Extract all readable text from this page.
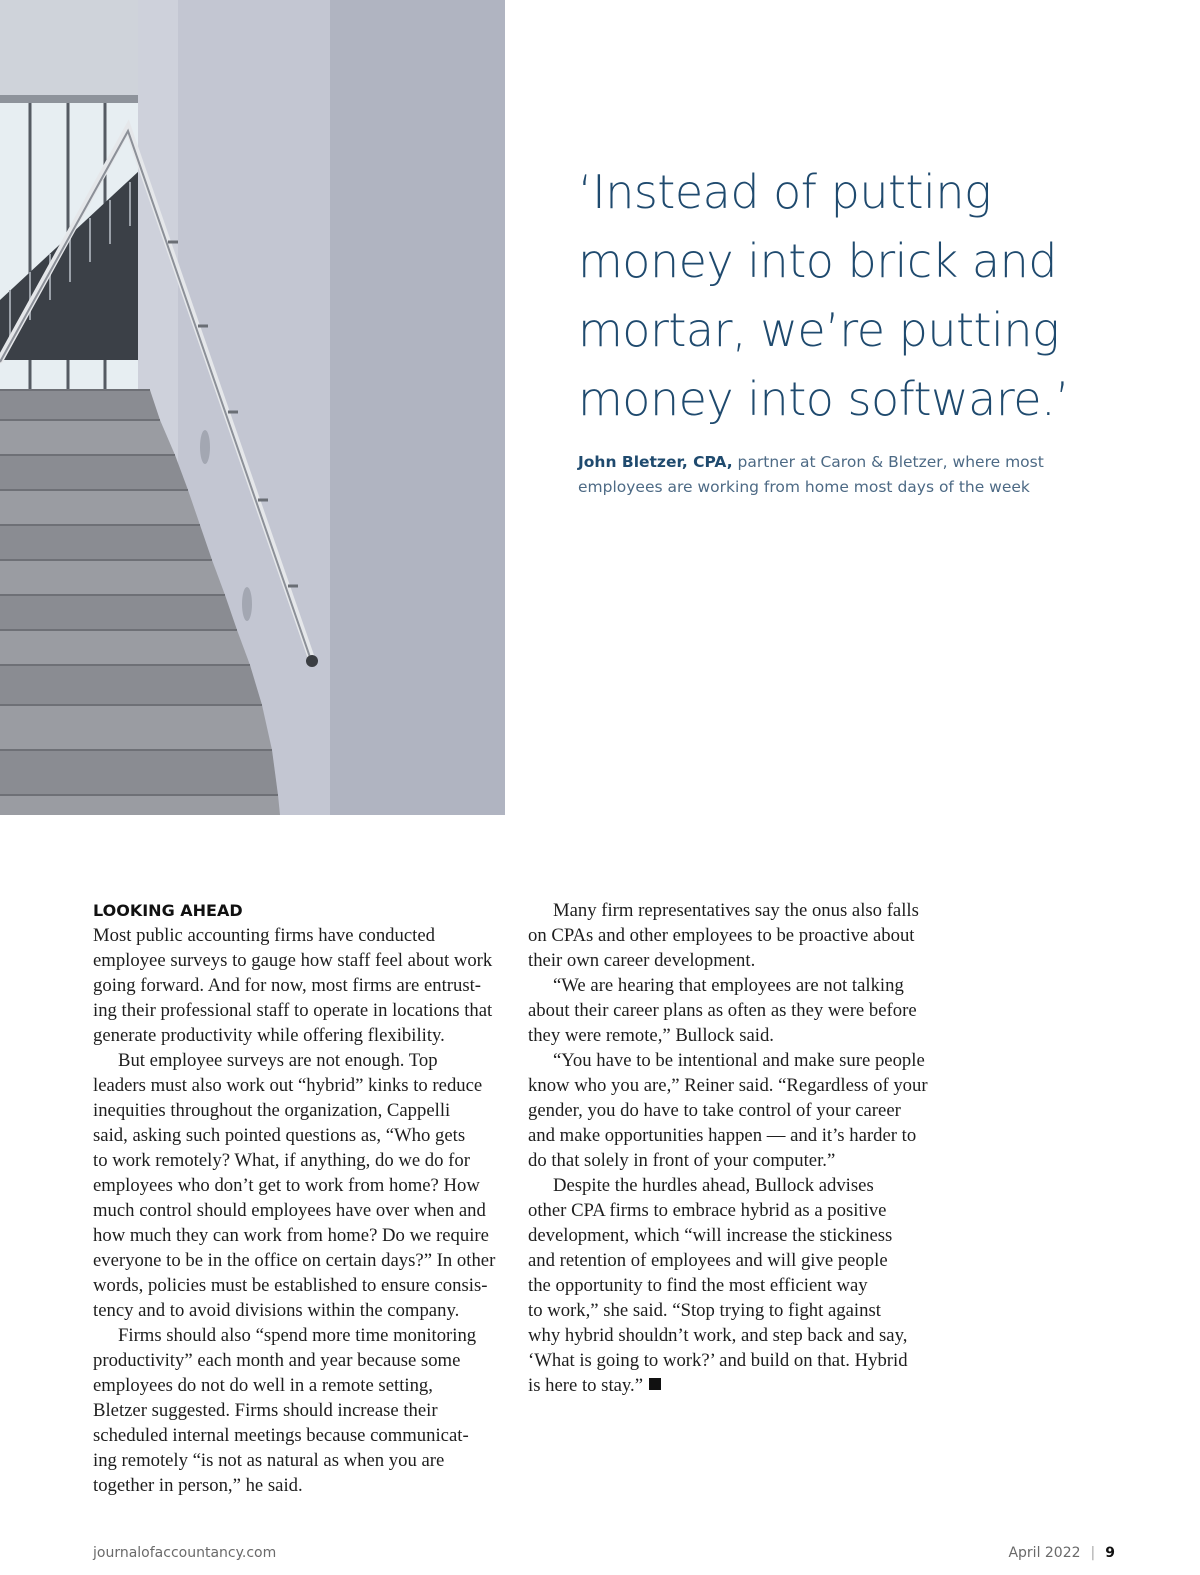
‘Instead of putting
money into brick and
mortar, we’re putting
money into software.’
John Bletzer, CPA, partner at Caron & Bletzer, where most
employees are working from home most days of the week
LOOKING AHEAD
Most public accounting firms have conducted
employee surveys to gauge how staff feel about work
going forward. And for now, most firms are entrust-
ing their professional staff to operate in locations that
generate productivity while offering flexibility.
But employee surveys are not enough. Top
leaders must also work out “hybrid” kinks to reduce
inequities throughout the organization, Cappelli
said, asking such pointed questions as, “Who gets
to work remotely? What, if anything, do we do for
employees who don’t get to work from home? How
much control should employees have over when and
how much they can work from home? Do we require
everyone to be in the office on certain days?” In other
words, policies must be established to ensure consis-
tency and to avoid divisions within the company.
Firms should also “spend more time monitoring
productivity” each month and year because some
employees do not do well in a remote setting,
Bletzer suggested. Firms should increase their
scheduled internal meetings because communicat-
ing remotely “is not as natural as when you are
together in person,” he said.
Many firm representatives say the onus also falls
on CPAs and other employees to be proactive about
their own career development.
“We are hearing that employees are not talking
about their career plans as often as they were before
they were remote,” Bullock said.
“You have to be intentional and make sure people
know who you are,” Reiner said. “Regardless of your
gender, you do have to take control of your career
and make opportunities happen — and it’s harder to
do that solely in front of your computer.”
Despite the hurdles ahead, Bullock advises
other CPA firms to embrace hybrid as a positive
development, which “will increase the stickiness
and retention of employees and will give people
the opportunity to find the most efficient way
to work,” she said. “Stop trying to fight against
why hybrid shouldn’t work, and step back and say,
‘What is going to work?’ and build on that. Hybrid
is here to stay.”
journalofaccountancy.com	April 2022 | 9
